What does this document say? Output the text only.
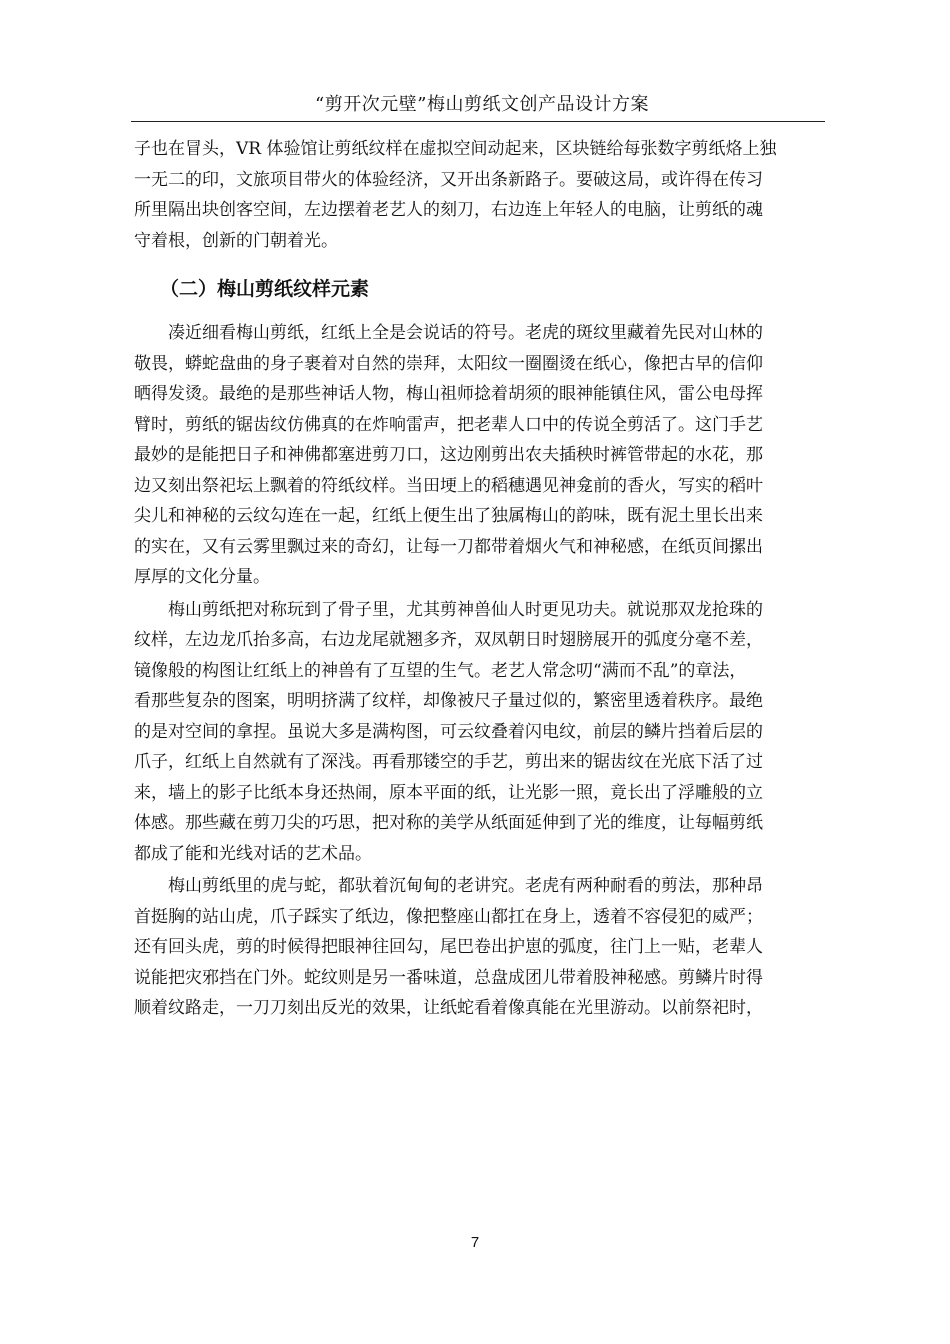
“剪开次元壁”梅山剪纸文创产品设计方案

子也在冒头，VR 体验馆让剪纸纹样在虚拟空间动起来，区块链给每张数字剪纸烙上独
一无二的印，文旅项目带火的体验经济，又开出条新路子。要破这局，或许得在传习
所里隔出块创客空间，左边摆着老艺人的刻刀，右边连上年轻人的电脑，让剪纸的魂
守着根，创新的门朝着光。

（二）梅山剪纸纹样元素

凑近细看梅山剪纸，红纸上全是会说话的符号。老虎的斑纹里藏着先民对山林的
敬畏，蟒蛇盘曲的身子裹着对自然的崇拜，太阳纹一圈圈烫在纸心，像把古早的信仰
晒得发烫。最绝的是那些神话人物，梅山祖师捻着胡须的眼神能镇住风，雷公电母挥
臂时，剪纸的锯齿纹仿佛真的在炸响雷声，把老辈人口中的传说全剪活了。这门手艺
最妙的是能把日子和神佛都塞进剪刀口，这边刚剪出农夫插秧时裤管带起的水花，那
边又刻出祭祀坛上飘着的符纸纹样。当田埂上的稻穗遇见神龛前的香火，写实的稻叶
尖儿和神秘的云纹勾连在一起，红纸上便生出了独属梅山的韵味，既有泥土里长出来
的实在，又有云雾里飘过来的奇幻，让每一刀都带着烟火气和神秘感，在纸页间摞出
厚厚的文化分量。

梅山剪纸把对称玩到了骨子里，尤其剪神兽仙人时更见功夫。就说那双龙抢珠的
纹样，左边龙爪抬多高，右边龙尾就翘多齐，双凤朝日时翅膀展开的弧度分毫不差，
镜像般的构图让红纸上的神兽有了互望的生气。老艺人常念叨“满而不乱”的章法，
看那些复杂的图案，明明挤满了纹样，却像被尺子量过似的，繁密里透着秩序。最绝
的是对空间的拿捏。虽说大多是满构图，可云纹叠着闪电纹，前层的鳞片挡着后层的
爪子，红纸上自然就有了深浅。再看那镂空的手艺，剪出来的锯齿纹在光底下活了过
来，墙上的影子比纸本身还热闹，原本平面的纸，让光影一照，竟长出了浮雕般的立
体感。那些藏在剪刀尖的巧思，把对称的美学从纸面延伸到了光的维度，让每幅剪纸
都成了能和光线对话的艺术品。

梅山剪纸里的虎与蛇，都驮着沉甸甸的老讲究。老虎有两种耐看的剪法，那种昂
首挺胸的站山虎，爪子踩实了纸边，像把整座山都扛在身上，透着不容侵犯的威严；
还有回头虎，剪的时候得把眼神往回勾，尾巴卷出护崽的弧度，往门上一贴，老辈人
说能把灾邪挡在门外。蛇纹则是另一番味道，总盘成团儿带着股神秘感。剪鳞片时得
顺着纹路走，一刀刀刻出反光的效果，让纸蛇看着像真能在光里游动。以前祭祀时，

7
